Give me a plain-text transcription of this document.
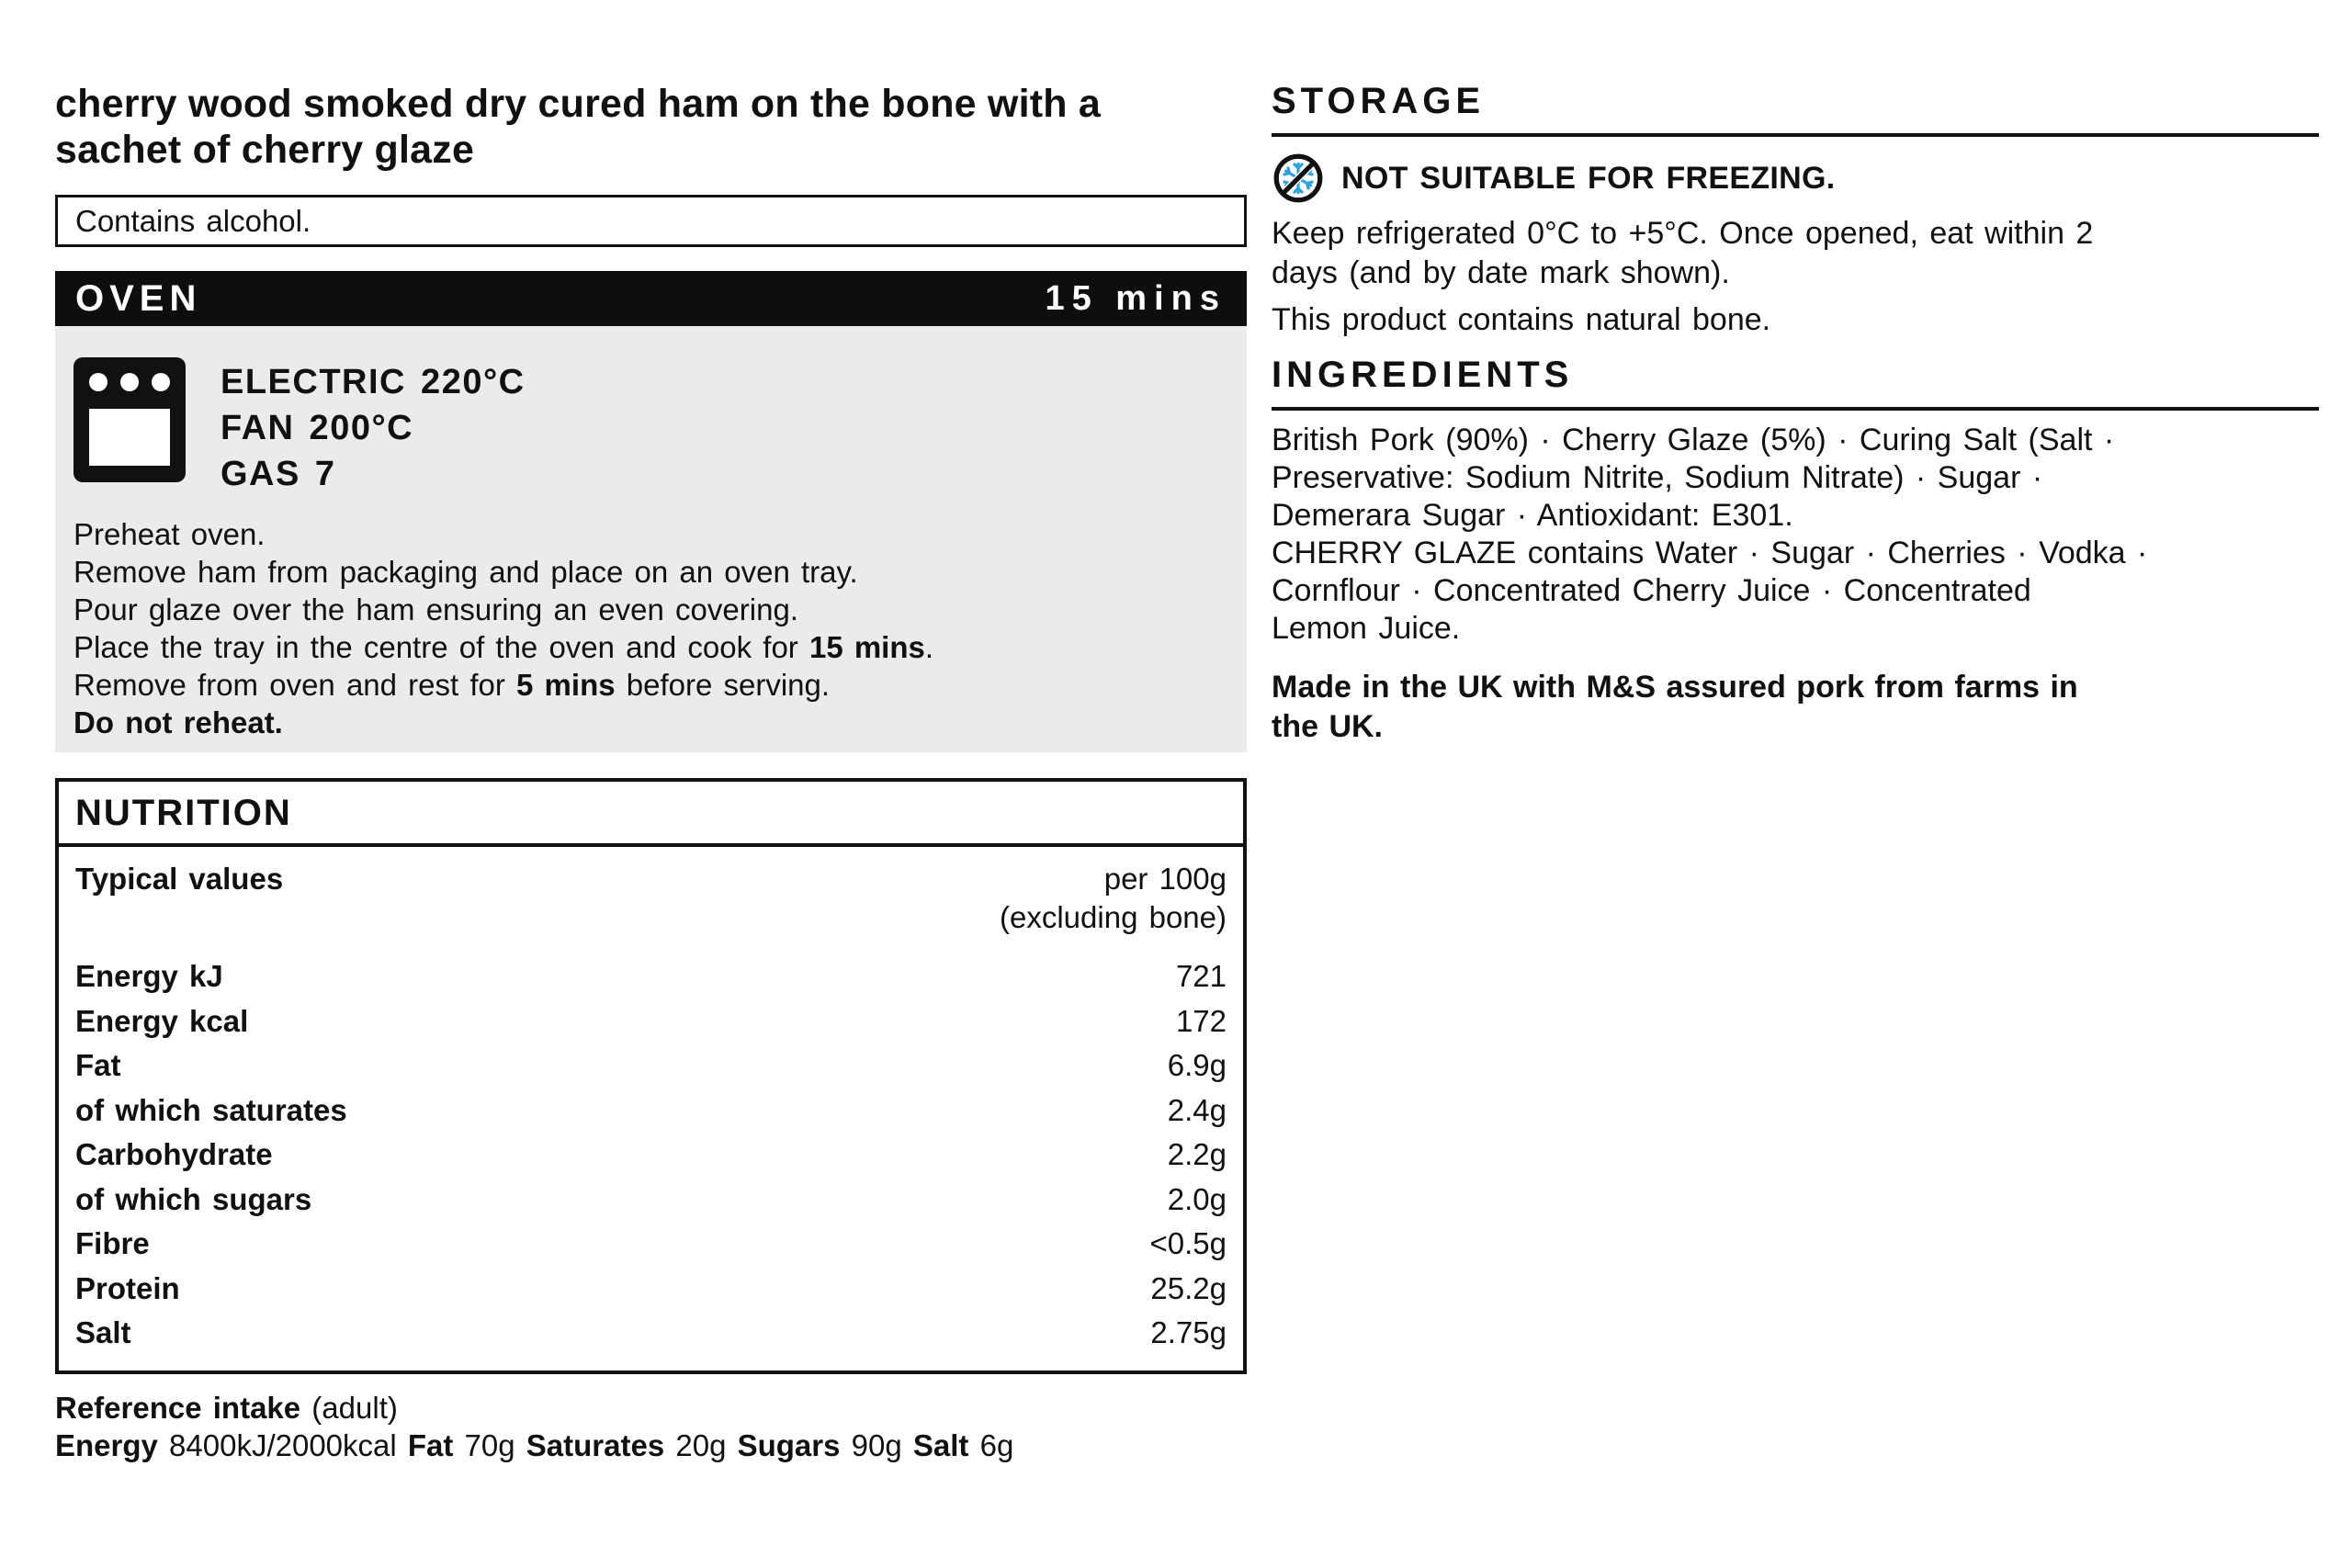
cherry wood smoked dry cured ham on the bone with a
sachet of cherry glaze
Contains alcohol.
OVEN	15 mins
ELECTRIC 220°C
FAN 200°C
GAS 7
Preheat oven.
Remove ham from packaging and place on an oven tray.
Pour glaze over the ham ensuring an even covering.
Place the tray in the centre of the oven and cook for 15 mins.
Remove from oven and rest for 5 mins before serving.
Do not reheat.
NUTRITION
Typical values	per 100g
(excluding bone)
Energy kJ	721
Energy kcal	172
Fat	6.9g
of which saturates	2.4g
Carbohydrate	2.2g
of which sugars	2.0g
Fibre	<0.5g
Protein	25.2g
Salt	2.75g
Reference intake (adult)
Energy 8400kJ/2000kcal Fat 70g Saturates 20g Sugars 90g Salt 6g
STORAGE
NOT SUITABLE FOR FREEZING.
Keep refrigerated 0°C to +5°C. Once opened, eat within 2
days (and by date mark shown).
This product contains natural bone.
INGREDIENTS
British Pork (90%) · Cherry Glaze (5%) · Curing Salt (Salt ·
Preservative: Sodium Nitrite, Sodium Nitrate) · Sugar ·
Demerara Sugar · Antioxidant: E301.
CHERRY GLAZE contains Water · Sugar · Cherries · Vodka ·
Cornflour · Concentrated Cherry Juice · Concentrated
Lemon Juice.
Made in the UK with M&S assured pork from farms in
the UK.
